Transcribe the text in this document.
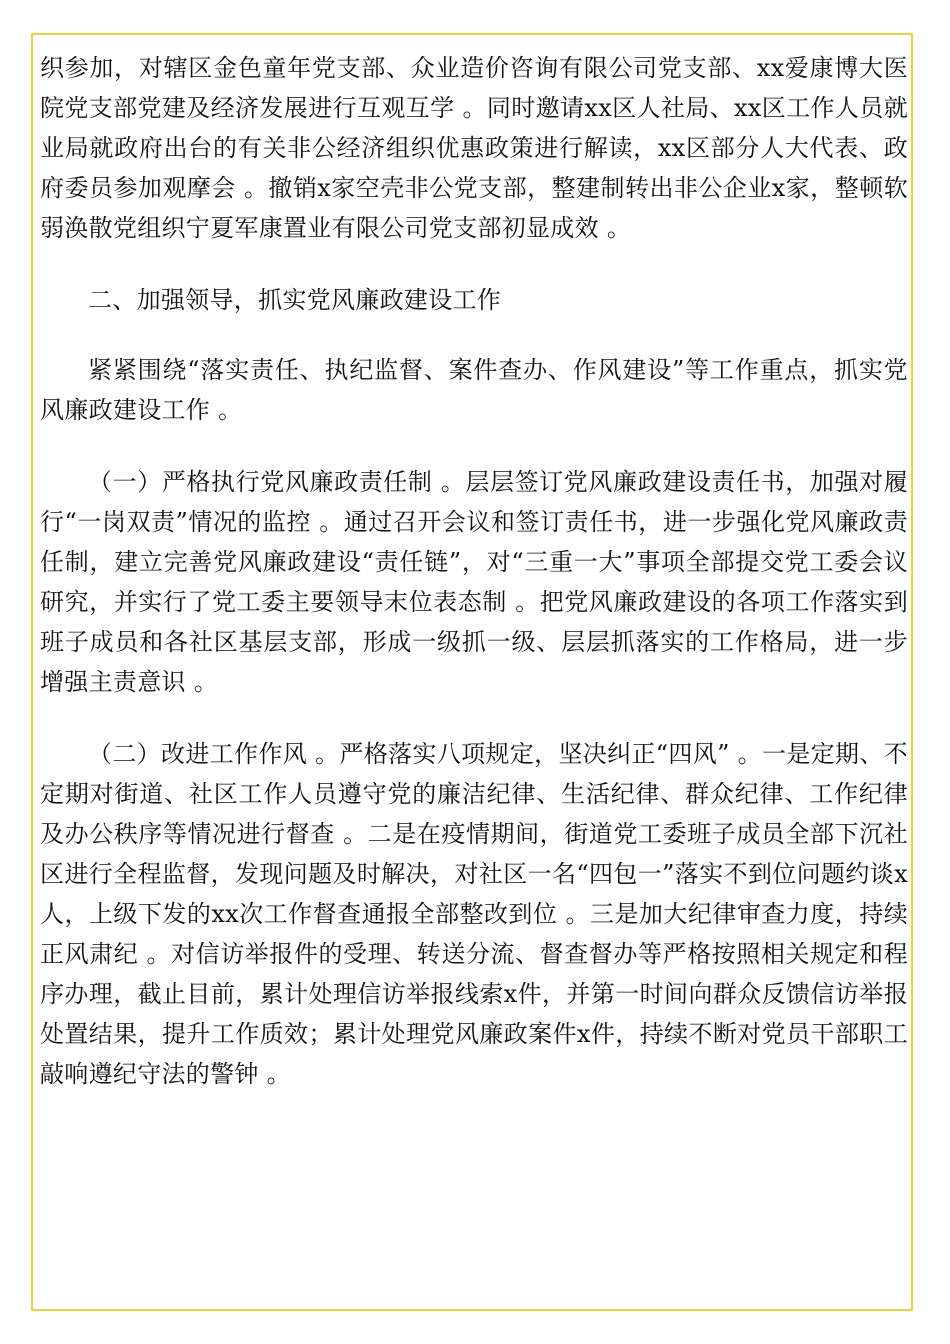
织参加，对辖区金色童年党支部、众业造价咨询有限公司党支部、xx爱康博大医院党支部党建及经济发展进行互观互学 。同时邀请xx区人社局、xx区工作人员就业局就政府出台的有关非公经济组织优惠政策进行解读，xx区部分人大代表、政府委员参加观摩会 。撤销x家空壳非公党支部，整建制转出非公企业x家，整顿软弱涣散党组织宁夏军康置业有限公司党支部初显成效 。

二、加强领导，抓实党风廉政建设工作

紧紧围绕“落实责任、执纪监督、案件查办、作风建设”等工作重点，抓实党风廉政建设工作 。

（一）严格执行党风廉政责任制 。层层签订党风廉政建设责任书，加强对履行“一岗双责”情况的监控 。通过召开会议和签订责任书，进一步强化党风廉政责任制，建立完善党风廉政建设“责任链”，对“三重一大”事项全部提交党工委会议研究，并实行了党工委主要领导末位表态制 。把党风廉政建设的各项工作落实到班子成员和各社区基层支部，形成一级抓一级、层层抓落实的工作格局，进一步增强主责意识 。

（二）改进工作作风 。严格落实八项规定，坚决纠正“四风” 。一是定期、不定期对街道、社区工作人员遵守党的廉洁纪律、生活纪律、群众纪律、工作纪律及办公秩序等情况进行督查 。二是在疫情期间，街道党工委班子成员全部下沉社区进行全程监督，发现问题及时解决，对社区一名“四包一”落实不到位问题约谈x人，上级下发的xx次工作督查通报全部整改到位 。三是加大纪律审查力度，持续正风肃纪 。对信访举报件的受理、转送分流、督查督办等严格按照相关规定和程序办理，截止目前，累计处理信访举报线索x件，并第一时间向群众反馈信访举报处置结果，提升工作质效；累计处理党风廉政案件x件，持续不断对党员干部职工敲响遵纪守法的警钟 。
